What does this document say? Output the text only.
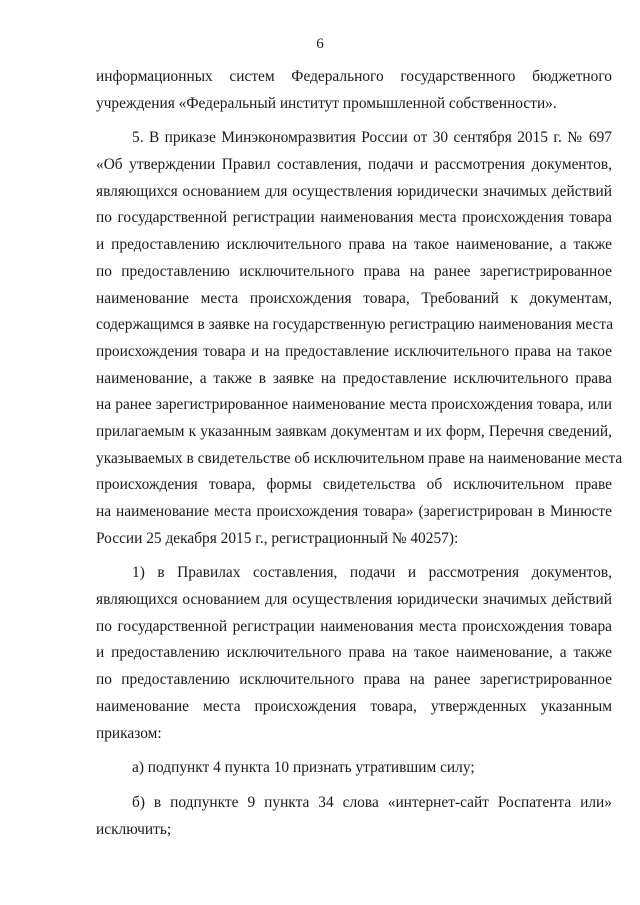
6
информационных систем Федерального государственного бюджетного
учреждения «Федеральный институт промышленной собственности».
5. В приказе Минэкономразвития России от 30 сентября 2015 г. № 697
«Об утверждении Правил составления, подачи и рассмотрения документов,
являющихся основанием для осуществления юридически значимых действий
по государственной регистрации наименования места происхождения товара
и предоставлению исключительного права на такое наименование, а также
по предоставлению исключительного права на ранее зарегистрированное
наименование места происхождения товара, Требований к документам,
содержащимся в заявке на государственную регистрацию наименования места
происхождения товара и на предоставление исключительного права на такое
наименование, а также в заявке на предоставление исключительного права
на ранее зарегистрированное наименование места происхождения товара, или
прилагаемым к указанным заявкам документам и их форм, Перечня сведений,
указываемых в свидетельстве об исключительном праве на наименование места
происхождения товара, формы свидетельства об исключительном праве
на наименование места происхождения товара» (зарегистрирован в Минюсте
России 25 декабря 2015 г., регистрационный № 40257):
1) в Правилах составления, подачи и рассмотрения документов,
являющихся основанием для осуществления юридически значимых действий
по государственной регистрации наименования места происхождения товара
и предоставлению исключительного права на такое наименование, а также
по предоставлению исключительного права на ранее зарегистрированное
наименование места происхождения товара, утвержденных указанным
приказом:
а) подпункт 4 пункта 10 признать утратившим силу;
б) в подпункте 9 пункта 34 слова «интернет-сайт Роспатента или»
исключить;
